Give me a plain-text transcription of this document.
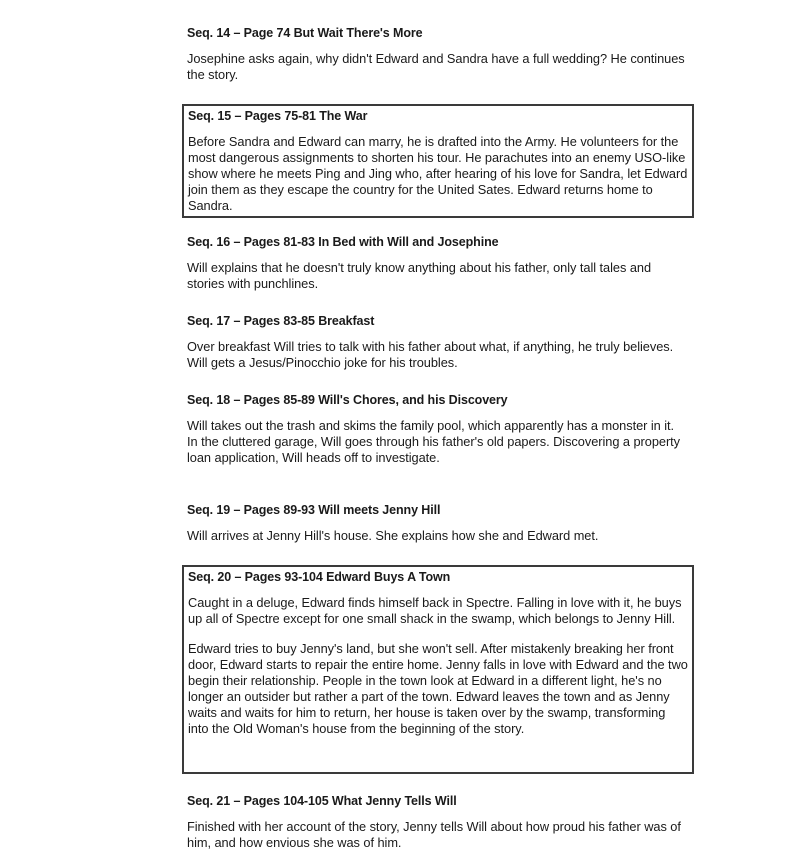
Seq. 14 – Page 74 But Wait There's More

Josephine asks again, why didn't Edward and Sandra have a full wedding? He continues the story.

Seq. 15 – Pages 75-81 The War

Before Sandra and Edward can marry, he is drafted into the Army. He volunteers for the most dangerous assignments to shorten his tour. He parachutes into an enemy USO-like show where he meets Ping and Jing who, after hearing of his love for Sandra, let Edward join them as they escape the country for the United Sates. Edward returns home to Sandra.

Seq. 16 – Pages 81-83 In Bed with Will and Josephine

Will explains that he doesn't truly know anything about his father, only tall tales and stories with punchlines.

Seq. 17 – Pages 83-85 Breakfast

Over breakfast Will tries to talk with his father about what, if anything, he truly believes. Will gets a Jesus/Pinocchio joke for his troubles.

Seq. 18 – Pages 85-89 Will's Chores, and his Discovery

Will takes out the trash and skims the family pool, which apparently has a monster in it.

In the cluttered garage, Will goes through his father's old papers. Discovering a property loan application, Will heads off to investigate.

Seq. 19 – Pages 89-93 Will meets Jenny Hill

Will arrives at Jenny Hill's house. She explains how she and Edward met.

Seq. 20 – Pages 93-104 Edward Buys A Town

Caught in a deluge, Edward finds himself back in Spectre. Falling in love with it, he buys up all of Spectre except for one small shack in the swamp, which belongs to Jenny Hill.

Edward tries to buy Jenny's land, but she won't sell. After mistakenly breaking her front door, Edward starts to repair the entire home. Jenny falls in love with Edward and the two begin their relationship. People in the town look at Edward in a different light, he's no longer an outsider but rather a part of the town. Edward leaves the town and as Jenny waits and waits for him to return, her house is taken over by the swamp, transforming into the Old Woman's house from the beginning of the story.

Seq. 21 – Pages 104-105 What Jenny Tells Will

Finished with her account of the story, Jenny tells Will about how proud his father was of him, and how envious she was of him.
